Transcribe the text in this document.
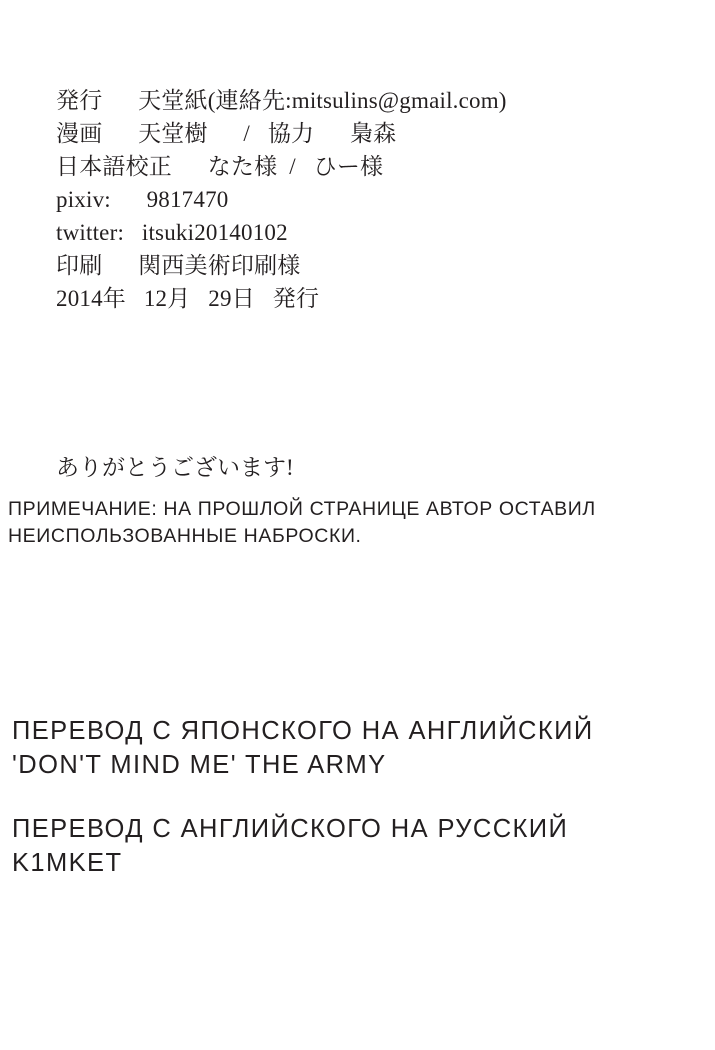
発行      天堂紙(連絡先:mitsulins@gmail.com)
漫画      天堂樹      /   協力      梟森
日本語校正      なた様  /   ひー様
pixiv:      9817470
twitter:   itsuki20140102
印刷      関西美術印刷様
2014年   12月   29日   発行
ありがとうございます!
ПРИМЕЧАНИЕ: НА ПРОШЛОЙ СТРАНИЦЕ АВТОР ОСТАВИЛ
НЕИСПОЛЬЗОВАННЫЕ НАБРОСКИ.
ПЕРЕВОД С ЯПОНСКОГО НА АНГЛИЙСКИЙ
'DON'T MIND ME' THE ARMY
ПЕРЕВОД С АНГЛИЙСКОГО НА РУССКИЙ
K1MKET
